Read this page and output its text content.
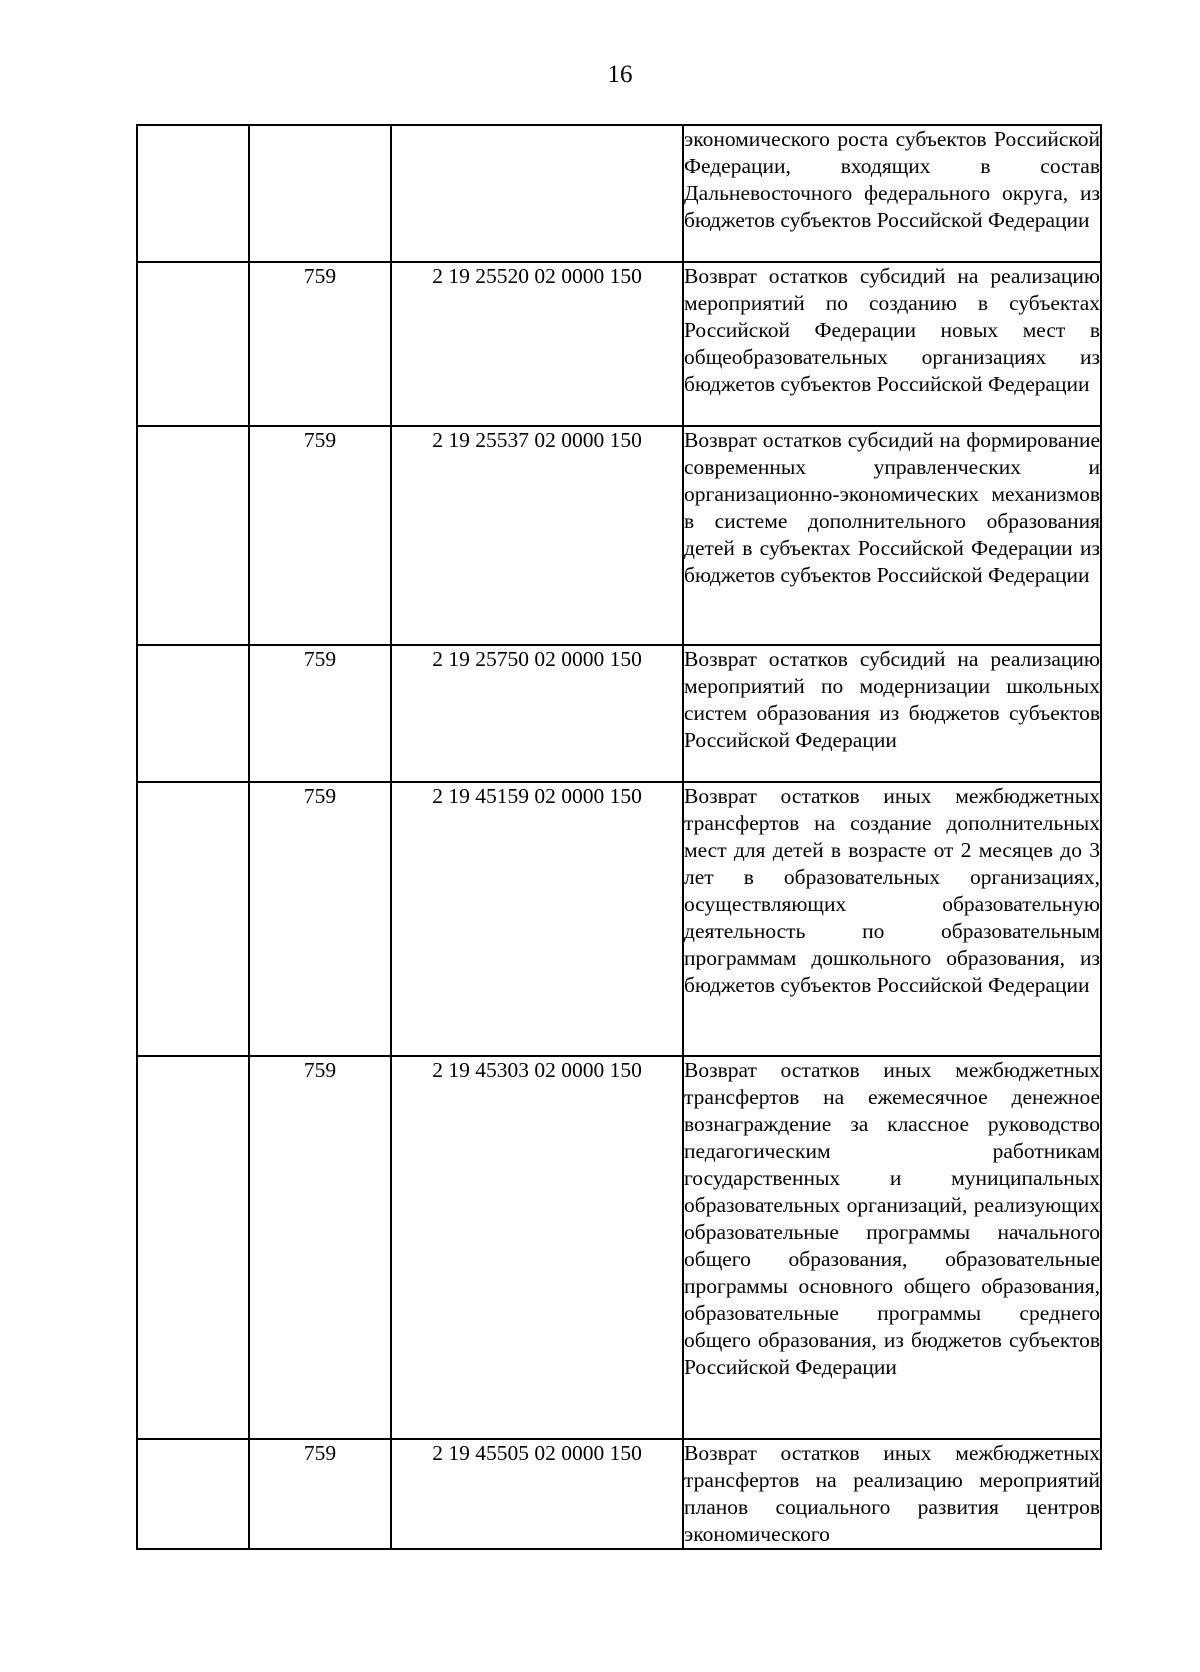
16
			экономического роста субъектов Российской Федерации, входящих в состав Дальневосточного федерального округа, из бюджетов субъектов Российской Федерации
	759	2 19 25520 02 0000 150	Возврат остатков субсидий на реализацию мероприятий по созданию в субъектах Российской Федерации новых мест в общеобразовательных организациях из бюджетов субъектов Российской Федерации
	759	2 19 25537 02 0000 150	Возврат остатков субсидий на формирование современных управленческих и организационно-экономических механизмов в системе дополнительного образования детей в субъектах Российской Федерации из бюджетов субъектов Российской Федерации
	759	2 19 25750 02 0000 150	Возврат остатков субсидий на реализацию мероприятий по модернизации школьных систем образования из бюджетов субъектов Российской Федерации
	759	2 19 45159 02 0000 150	Возврат остатков иных межбюджетных трансфертов на создание дополнительных мест для детей в возрасте от 2 месяцев до 3 лет в образовательных организациях, осуществляющих образовательную деятельность по образовательным программам дошкольного образования, из бюджетов субъектов Российской Федерации
	759	2 19 45303 02 0000 150	Возврат остатков иных межбюджетных трансфертов на ежемесячное денежное вознаграждение за классное руководство педагогическим работникам государственных и муниципальных образовательных организаций, реализующих образовательные программы начального общего образования, образовательные программы основного общего образования, образовательные программы среднего общего образования, из бюджетов субъектов Российской Федерации
	759	2 19 45505 02 0000 150	Возврат остатков иных межбюджетных трансфертов на реализацию мероприятий планов социального развития центров экономического
